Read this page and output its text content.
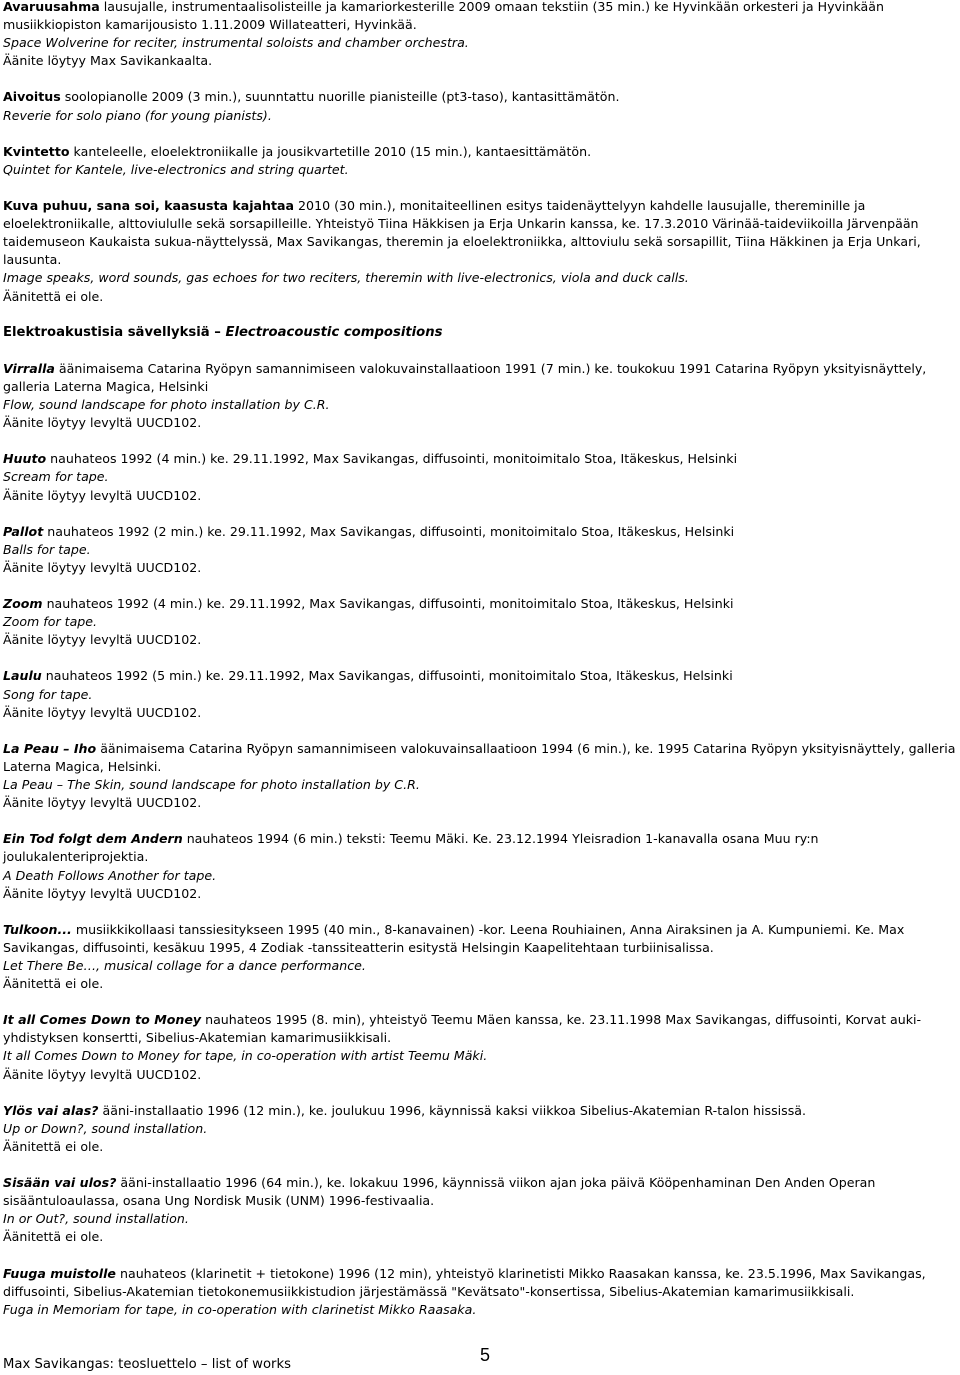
Avaruusahma lausujalle, instrumentaalisolisteille ja kamariorkesterille 2009 omaan tekstiin (35 min.) ke Hyvinkään orkesteri ja Hyvinkään musiikkiopiston kamarijousisto 1.11.2009 Willateatteri, Hyvinkää.
Space Wolverine for reciter, instrumental soloists and chamber orchestra.
Äänite löytyy Max Savikankaalta.
Aivoitus soolopianolle 2009 (3 min.), suunntattu nuorille pianisteille (pt3-taso), kantasittämätön.
Reverie for solo piano (for young pianists).
Kvintetto kanteleelle, eloelektroniikalle ja jousikvartetille 2010 (15 min.), kantaesittämätön.
Quintet for Kantele, live-electronics and string quartet.
Kuva puhuu, sana soi, kaasusta kajahtaa 2010 (30 min.), monitaiteellinen esitys taidenäyttelyyn kahdelle lausujalle, thereminille ja eloelektroniikalle, alttoviululle sekä sorsapilleille. Yhteistyö Tiina Häkkisen ja Erja Unkarin kanssa, ke. 17.3.2010 Värinää-taideviikoilla Järvenpään taidemuseon Kaukaista sukua-näyttelyssä, Max Savikangas, theremin ja eloelektroniikka, alttoviulu sekä sorsapillit, Tiina Häkkinen ja Erja Unkari, lausunta.
Image speaks, word sounds, gas echoes for two reciters, theremin with live-electronics, viola and duck calls.
Äänitettä ei ole.
Elektroakustisia sävellyksiä – Electroacoustic compositions
Virralla äänimaisema Catarina Ryöpyn samannimiseen valokuvainstallaatioon 1991 (7 min.) ke. toukokuu 1991 Catarina Ryöpyn yksityisnäyttely, galleria Laterna Magica, Helsinki
Flow, sound landscape for photo installation by C.R.
Äänite löytyy levyltä UUCD102.
Huuto nauhateos 1992 (4 min.) ke. 29.11.1992, Max Savikangas, diffusointi, monitoimitalo Stoa, Itäkeskus, Helsinki
Scream for tape.
Äänite löytyy levyltä UUCD102.
Pallot nauhateos 1992 (2 min.) ke. 29.11.1992, Max Savikangas, diffusointi, monitoimitalo Stoa, Itäkeskus, Helsinki
Balls for tape.
Äänite löytyy levyltä UUCD102.
Zoom nauhateos 1992 (4 min.) ke. 29.11.1992, Max Savikangas, diffusointi, monitoimitalo Stoa, Itäkeskus, Helsinki
Zoom for tape.
Äänite löytyy levyltä UUCD102.
Laulu nauhateos 1992 (5 min.) ke. 29.11.1992, Max Savikangas, diffusointi, monitoimitalo Stoa, Itäkeskus, Helsinki
Song for tape.
Äänite löytyy levyltä UUCD102.
La Peau – Iho äänimaisema Catarina Ryöpyn samannimiseen valokuvainsallaatioon 1994 (6 min.), ke. 1995 Catarina Ryöpyn yksityisnäyttely, galleria Laterna Magica, Helsinki.
La Peau – The Skin, sound landscape for photo installation by C.R.
Äänite löytyy levyltä UUCD102.
Ein Tod folgt dem Andern nauhateos 1994 (6 min.) teksti: Teemu Mäki. Ke. 23.12.1994 Yleisradion 1-kanavalla osana Muu ry:n joulukalenteriprojektia.
A Death Follows Another for tape.
Äänite löytyy levyltä UUCD102.
Tulkoon... musiikkikollaasi tanssiesitykseen 1995 (40 min., 8-kanavainen) -kor. Leena Rouhiainen, Anna Airaksinen ja A. Kumpuniemi. Ke. Max Savikangas, diffusointi, kesäkuu 1995, 4 Zodiak -tanssiteatterin esitystä Helsingin Kaapelitehtaan turbiinisalissa.
Let There Be…, musical collage for a dance performance.
Äänitettä ei ole.
It all Comes Down to Money nauhateos 1995 (8. min), yhteistyö Teemu Mäen kanssa, ke. 23.11.1998 Max Savikangas, diffusointi, Korvat auki-yhdistyksen konsertti, Sibelius-Akatemian kamarimusiikkisali.
It all Comes Down to Money for tape, in co-operation with artist Teemu Mäki.
Äänite löytyy levyltä UUCD102.
Ylös vai alas? ääni-installaatio 1996 (12 min.), ke. joulukuu 1996, käynnissä kaksi viikkoa Sibelius-Akatemian R-talon hississä.
Up or Down?, sound installation.
Äänitettä ei ole.
Sisään vai ulos? ääni-installaatio 1996 (64 min.), ke. lokakuu 1996, käynnissä viikon ajan joka päivä Kööpenhaminan Den Anden Operan sisääntuloaulassa, osana Ung Nordisk Musik (UNM) 1996-festivaalia.
In or Out?, sound installation.
Äänitettä ei ole.
Fuuga muistolle nauhateos (klarinetit + tietokone) 1996 (12 min), yhteistyö klarinetisti Mikko Raasakan kanssa, ke. 23.5.1996, Max Savikangas, diffusointi, Sibelius-Akatemian tietokonemusiikkistudion järjestämässä "Kevätsato"-konsertissa, Sibelius-Akatemian kamarimusiikkisali.
Fuga in Memoriam for tape, in co-operation with clarinetist Mikko Raasaka.
5
Max Savikangas: teosluettelo – list of works
